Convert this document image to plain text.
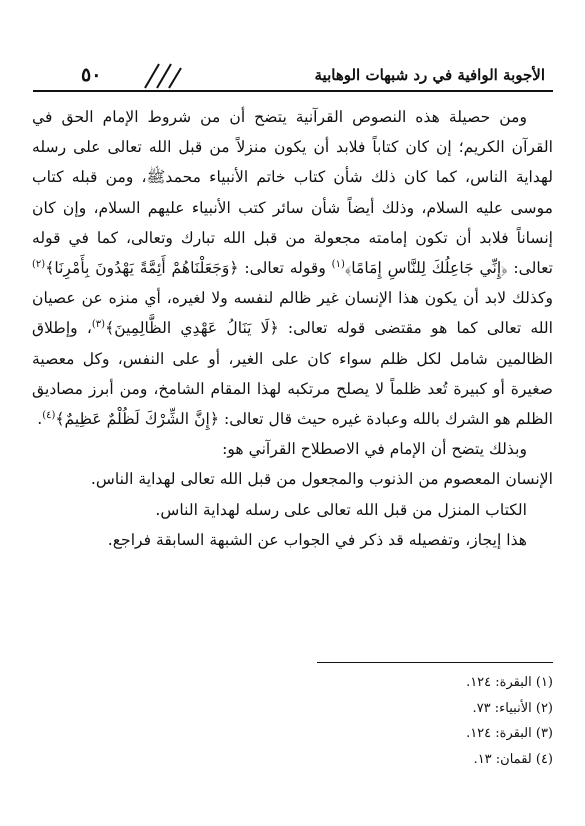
٥٠	الأجوبة الوافية في رد شبهات الوهابية

ومن حصيلة هذه النصوص القرآنية يتضح أن من شروط الإمام الحق في القرآن الكريم؛ إن كان كتاباً فلابد أن يكون منزلاً من قبل الله تعالى على رسله لهداية الناس، كما كان ذلك شأن كتاب خاتم الأنبياء محمدﷺ، ومن قبله كتاب موسى عليه السلام، وذلك أيضاً شأن سائر كتب الأنبياء عليهم السلام، وإن كان إنساناً فلابد أن تكون إمامته مجعولة من قبل الله تبارك وتعالى، كما في قوله تعالى: ﴿إِنِّي جَاعِلُكَ لِلنَّاسِ إِمَامًا﴾$^{(١)}$ وقوله تعالى: ﴿وَجَعَلْنَاهُمْ أَئِمَّةً يَهْدُونَ بِأَمْرِنَا﴾$^{(٢)}$ وكذلك لابد أن يكون هذا الإنسان غير ظالم لنفسه ولا لغيره، أي منزه عن عصيان الله تعالى كما هو مقتضى قوله تعالى: ﴿لَا يَنَالُ عَهْدِي الظَّالِمِينَ﴾$^{(٣)}$، وإطلاق الظالمين شامل لكل ظلم سواء كان على الغير، أو على النفس، وكل معصية صغيرة أو كبيرة تُعد ظلماً لا يصلح مرتكبه لهذا المقام الشامخ، ومن أبرز مصاديق الظلم هو الشرك بالله وعبادة غيره حيث قال تعالى: ﴿إِنَّ الشِّرْكَ لَظُلْمٌ عَظِيمٌ﴾$^{(٤)}$.

وبذلك يتضح أن الإمام في الاصطلاح القرآني هو:

الإنسان المعصوم من الذنوب والمجعول من قبل الله تعالى لهداية الناس.

الكتاب المنزل من قبل الله تعالى على رسله لهداية الناس.

هذا إيجاز، وتفصيله قد ذكر في الجواب عن الشبهة السابقة فراجع.

(١) البقرة: ١٢٤.
(٢) الأنبياء: ٧٣.
(٣) البقرة: ١٢٤.
(٤) لقمان: ١٣.
